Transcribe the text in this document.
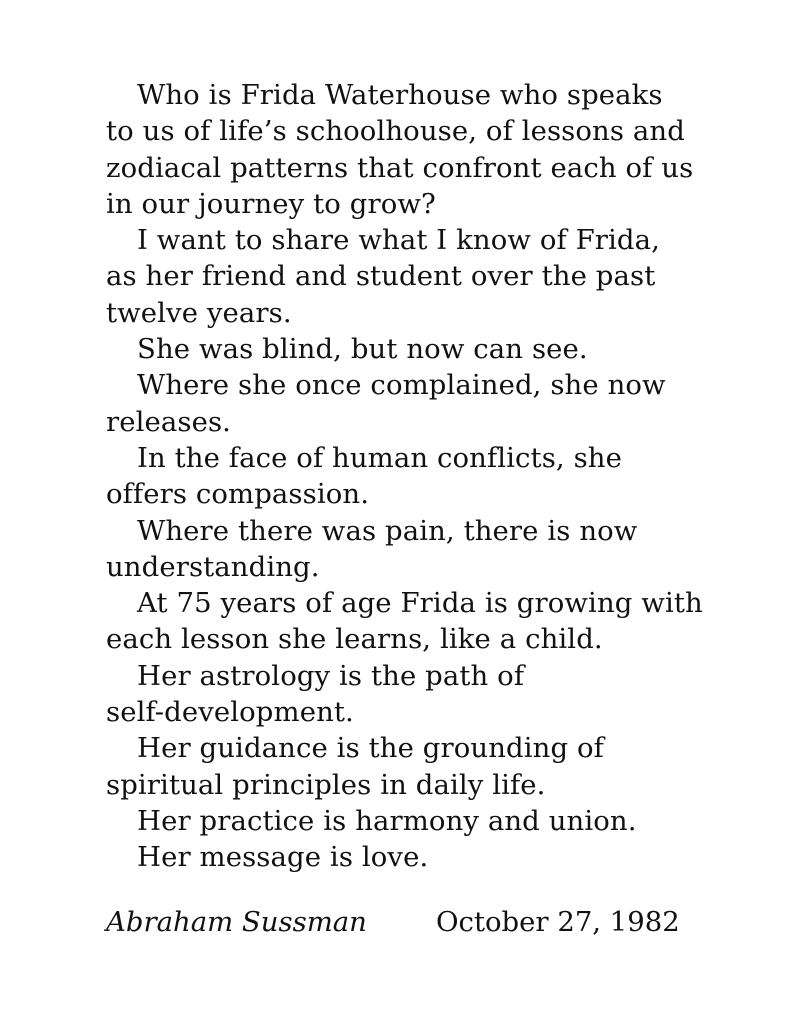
Who is Frida Waterhouse who speaks
to us of life’s schoolhouse, of lessons and
zodiacal patterns that confront each of us
in our journey to grow?
I want to share what I know of Frida,
as her friend and student over the past
twelve years.
She was blind, but now can see.
Where she once complained, she now
releases.
In the face of human conflicts, she
offers compassion.
Where there was pain, there is now
understanding.
At 75 years of age Frida is growing with
each lesson she learns, like a child.
Her astrology is the path of
self-development.
Her guidance is the grounding of
spiritual principles in daily life.
Her practice is harmony and union.
Her message is love.
Abraham Sussman	October 27, 1982
